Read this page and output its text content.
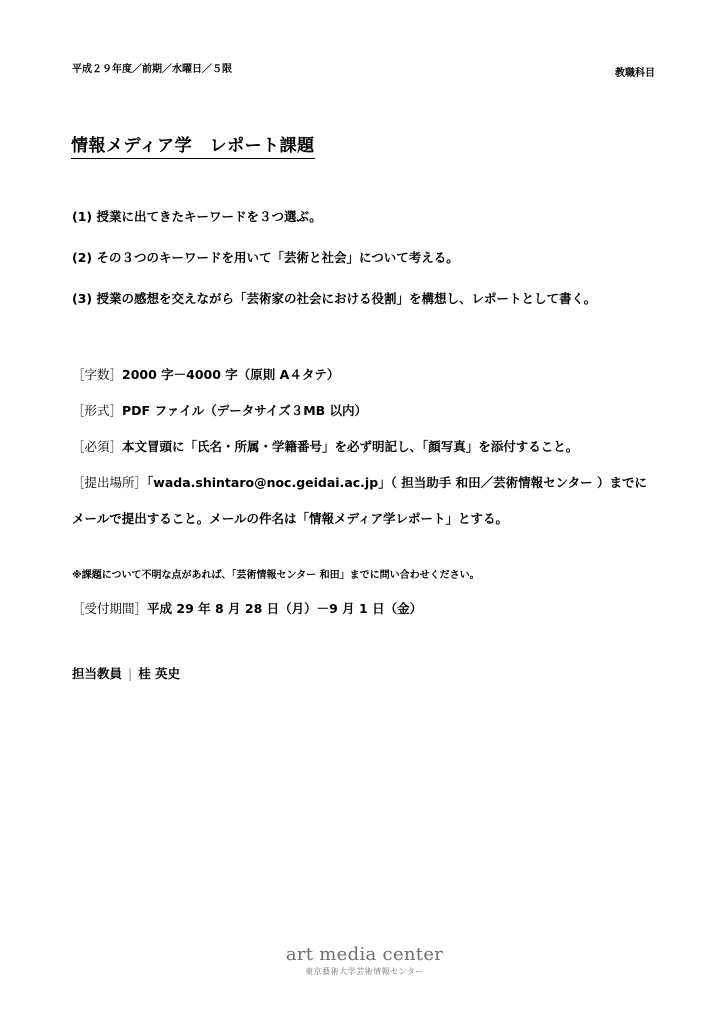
平成２９年度／前期／水曜日／５限	教職科目
情報メディア学　レポート課題
(1) 授業に出てきたキーワードを３つ選ぶ。
(2) その３つのキーワードを用いて「芸術と社会」について考える。
(3) 授業の感想を交えながら「芸術家の社会における役割」を構想し、レポートとして書く。
［字数］2000 字－4000 字（原則 A４タテ）
［形式］PDF ファイル（データサイズ３MB 以内）
［必須］本文冒頭に「氏名・所属・学籍番号」を必ず明記し、「顔写真」を添付すること。
［提出場所］「wada.shintaro@noc.geidai.ac.jp」（ 担当助手 和田／芸術情報センター ）までに
メールで提出すること。メールの件名は「情報メディア学レポート」とする。
※課題について不明な点があれば、「芸術情報センター 和田」までに問い合わせください。
［受付期間］平成 29 年 8 月 28 日（月）－9 月 1 日（金）
担当教員 | 桂 英史
art media center
東京藝術大学芸術情報センター
